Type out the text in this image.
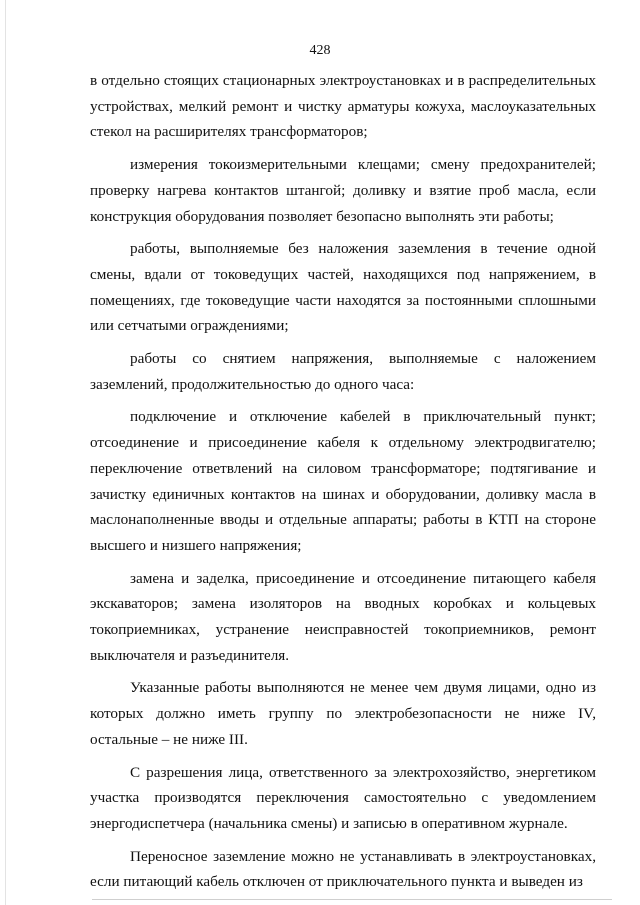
428

в отдельно стоящих стационарных электроустановках и в распределительных устройствах, мелкий ремонт и чистку арматуры кожуха, маслоуказательных стекол на расширителях трансформаторов;

измерения токоизмерительными клещами; смену предохранителей; проверку нагрева контактов штангой; доливку и взятие проб масла, если конструкция оборудования позволяет безопасно выполнять эти работы;

работы, выполняемые без наложения заземления в течение одной смены, вдали от токоведущих частей, находящихся под напряжением, в помещениях, где токоведущие части находятся за постоянными сплошными или сетчатыми ограждениями;

работы со снятием напряжения, выполняемые с наложением заземлений, продолжительностью до одного часа:

подключение и отключение кабелей в приключательный пункт; отсоединение и присоединение кабеля к отдельному электродвигателю; переключение ответвлений на силовом трансформаторе; подтягивание и зачистку единичных контактов на шинах и оборудовании, доливку масла в маслонаполненные вводы и отдельные аппараты; работы в КТП на стороне высшего и низшего напряжения;

замена и заделка, присоединение и отсоединение питающего кабеля экскаваторов; замена изоляторов на вводных коробках и кольцевых токоприемниках, устранение неисправностей токоприемников, ремонт выключателя и разъединителя.

Указанные работы выполняются не менее чем двумя лицами, одно из которых должно иметь группу по электробезопасности не ниже IV, остальные – не ниже III.

С разрешения лица, ответственного за электрохозяйство, энергетиком участка производятся переключения самостоятельно с уведомлением энергодиспетчера (начальника смены) и записью в оперативном журнале.

Переносное заземление можно не устанавливать в электроустановках, если питающий кабель отключен от приключательного пункта и выведен из
